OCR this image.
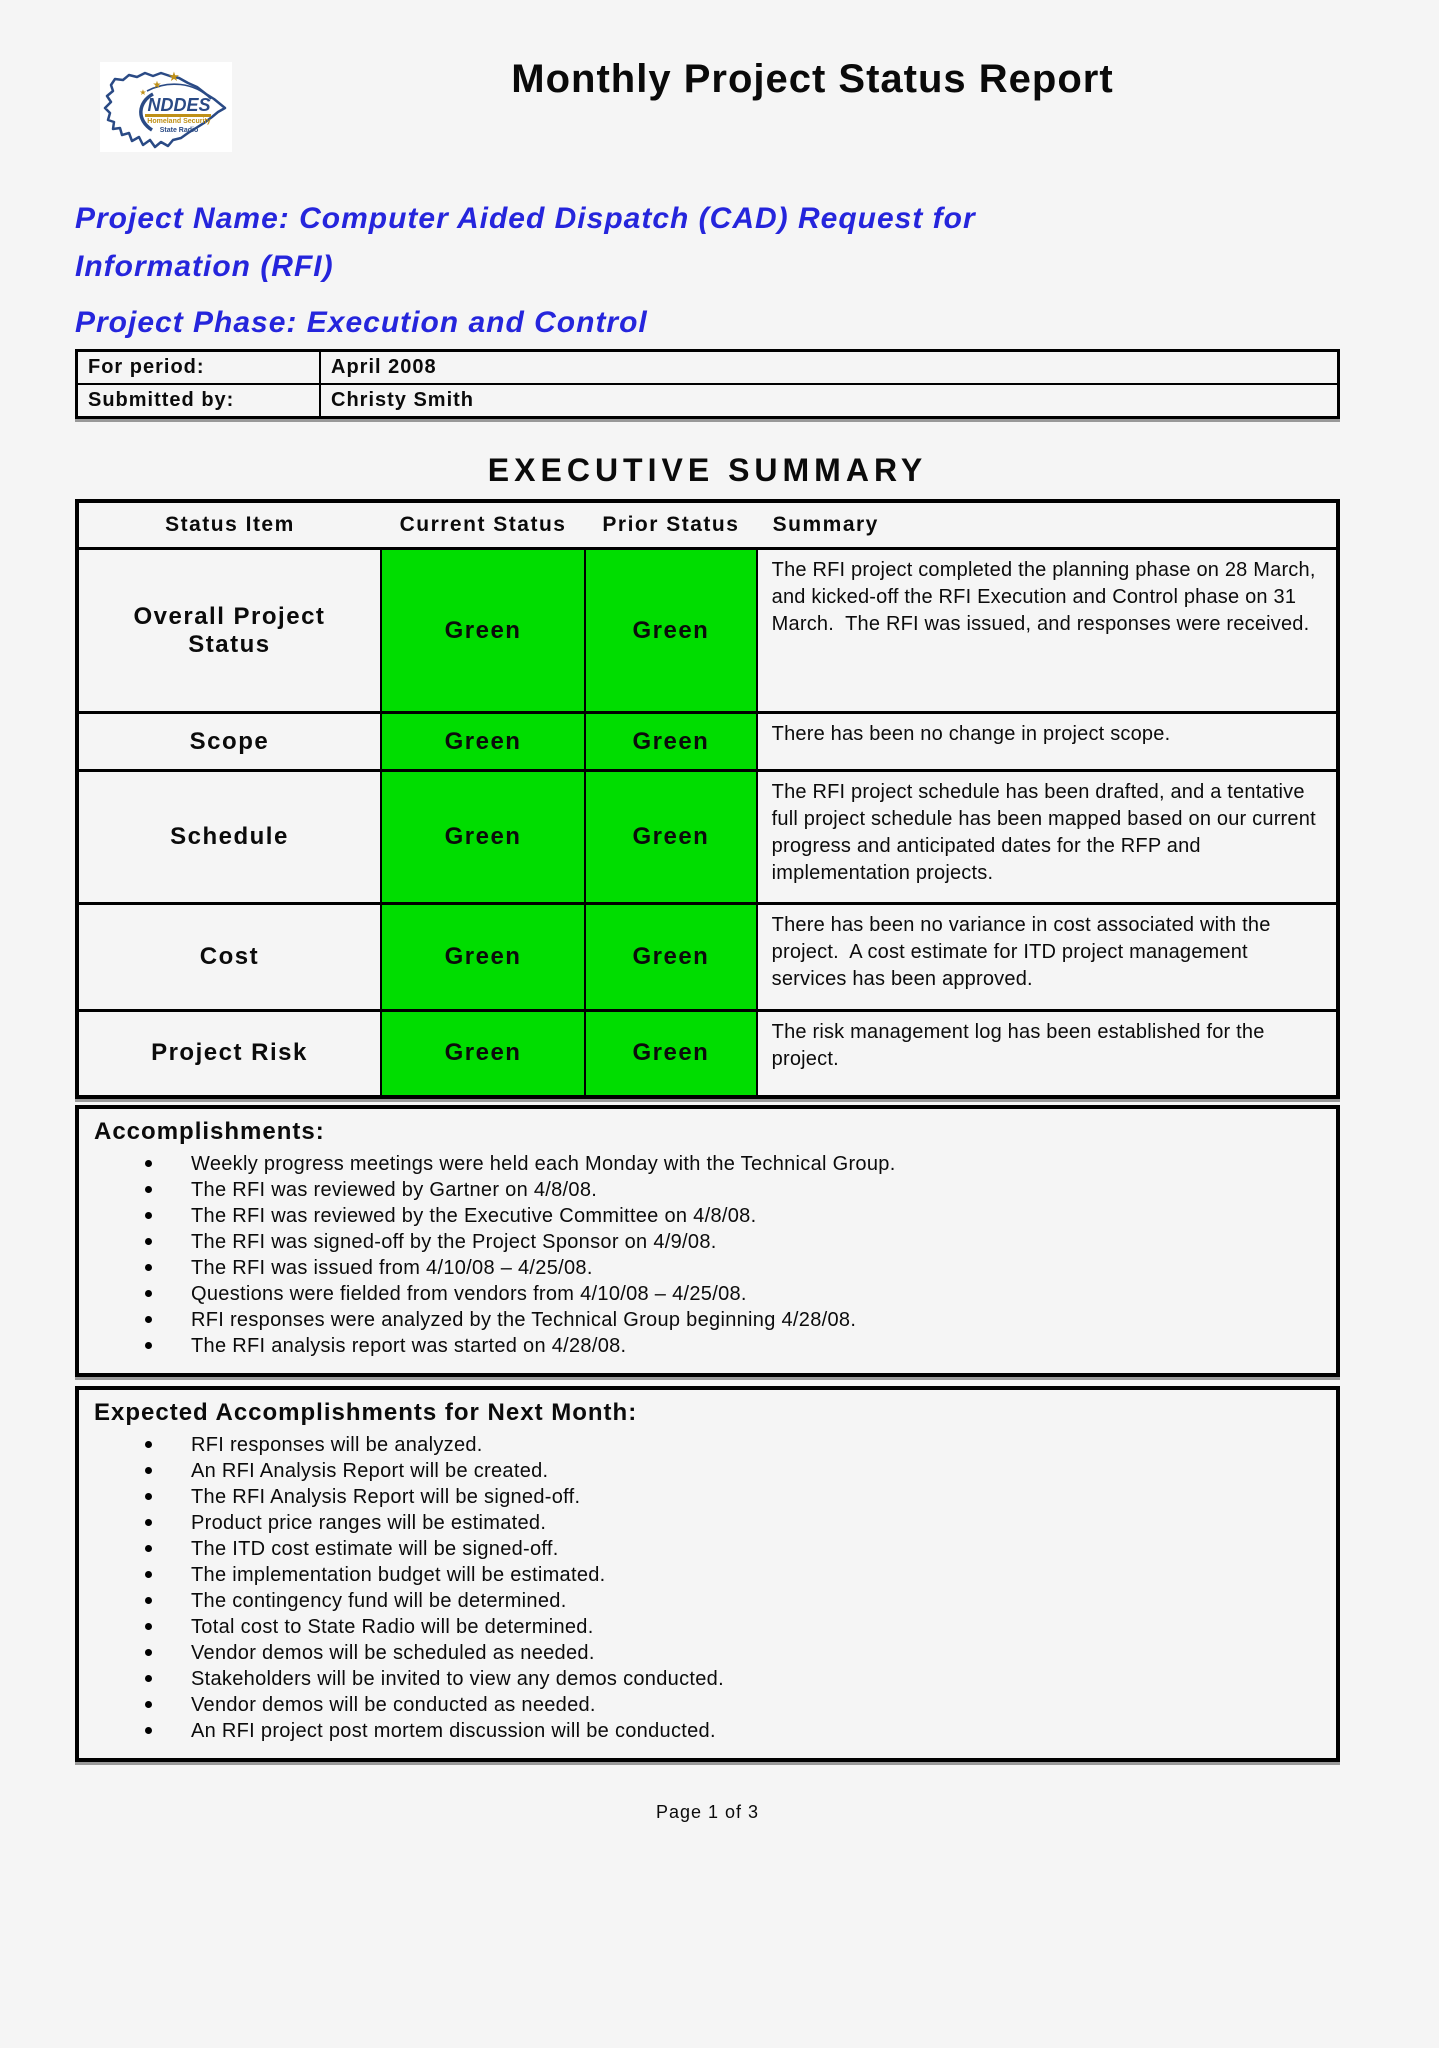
★
★
★
NDDES
State Radio
Homeland Security
Monthly Project Status Report
Project Name: Computer Aided Dispatch (CAD) Request for
Information (RFI)
Project Phase: Execution and Control
For period:	April 2008
Submitted by:	Christy Smith
EXECUTIVE SUMMARY
Status Item	Current Status	Prior Status	Summary
Overall Project Status	Green	Green	The RFI project completed the planning phase on 28 March, and kicked-off the RFI Execution and Control phase on 31 March.  The RFI was issued, and responses were received.
Scope	Green	Green	There has been no change in project scope.
Schedule	Green	Green	The RFI project schedule has been drafted, and a tentative full project schedule has been mapped based on our current progress and anticipated dates for the RFP and implementation projects.
Cost	Green	Green	There has been no variance in cost associated with the project.  A cost estimate for ITD project management services has been approved.
Project Risk	Green	Green	The risk management log has been established for the project.
Accomplishments:
Weekly progress meetings were held each Monday with the Technical Group.
The RFI was reviewed by Gartner on 4/8/08.
The RFI was reviewed by the Executive Committee on 4/8/08.
The RFI was signed-off by the Project Sponsor on 4/9/08.
The RFI was issued from 4/10/08 – 4/25/08.
Questions were fielded from vendors from 4/10/08 – 4/25/08.
RFI responses were analyzed by the Technical Group beginning 4/28/08.
The RFI analysis report was started on 4/28/08.
Expected Accomplishments for Next Month:
RFI responses will be analyzed.
An RFI Analysis Report will be created.
The RFI Analysis Report will be signed-off.
Product price ranges will be estimated.
The ITD cost estimate will be signed-off.
The implementation budget will be estimated.
The contingency fund will be determined.
Total cost to State Radio will be determined.
Vendor demos will be scheduled as needed.
Stakeholders will be invited to view any demos conducted.
Vendor demos will be conducted as needed.
An RFI project post mortem discussion will be conducted.
Page 1 of 3
